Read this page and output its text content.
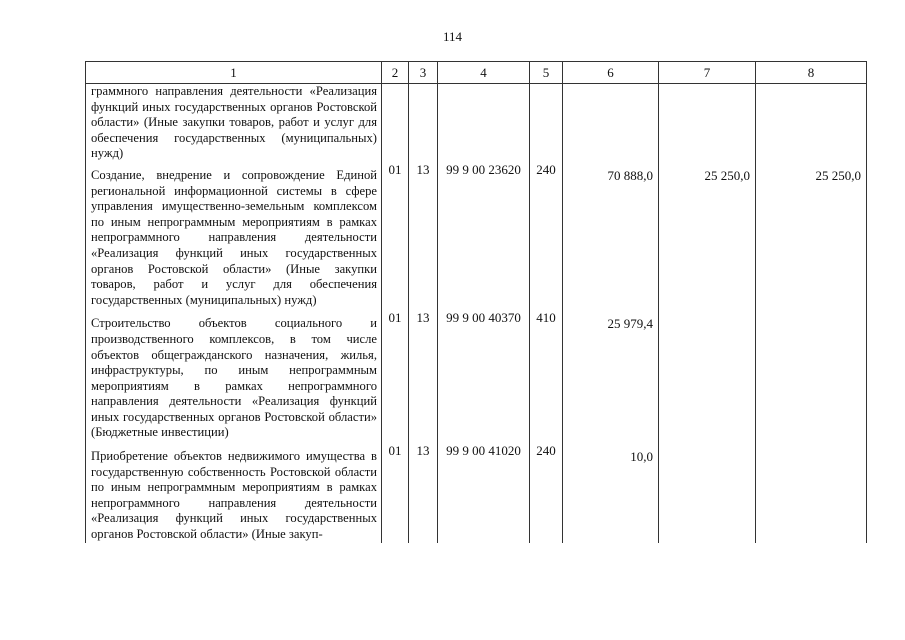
114
1	2	3	4	5	6	7	8
граммного направления деятельности «Реализация функций иных государственных органов Ростовской области» (Иные закупки товаров, работ и услуг для обеспечения государственных (муниципальных) нужд)							
Создание, внедрение и сопровождение Единой региональной информационной системы в сфере управления имущественно-земельным комплексом по иным непрограммным мероприятиям в рамках непрограммного направления деятельности «Реализация функций иных государственных органов Ростовской области» (Иные закупки товаров, работ и услуг для обеспечения государственных (муниципальных) нужд)	01	13	99 9 00 23620	240	70 888,0	25 250,0	25 250,0
Строительство объектов социального и производственного комплексов, в том числе объектов общегражданского назначения, жилья, инфраструктуры, по иным непрограммным мероприятиям в рамках непрограммного направления деятельности «Реализация функций иных государственных органов Ростовской области» (Бюджетные инвестиции)	01	13	99 9 00 40370	410	25 979,4		
Приобретение объектов недвижимого имущества в государственную собственность Ростовской области по иным непрограммным мероприятиям в рамках непрограммного направления деятельности «Реализация функций иных государственных органов Ростовской области» (Иные закуп-	01	13	99 9 00 41020	240	10,0		
